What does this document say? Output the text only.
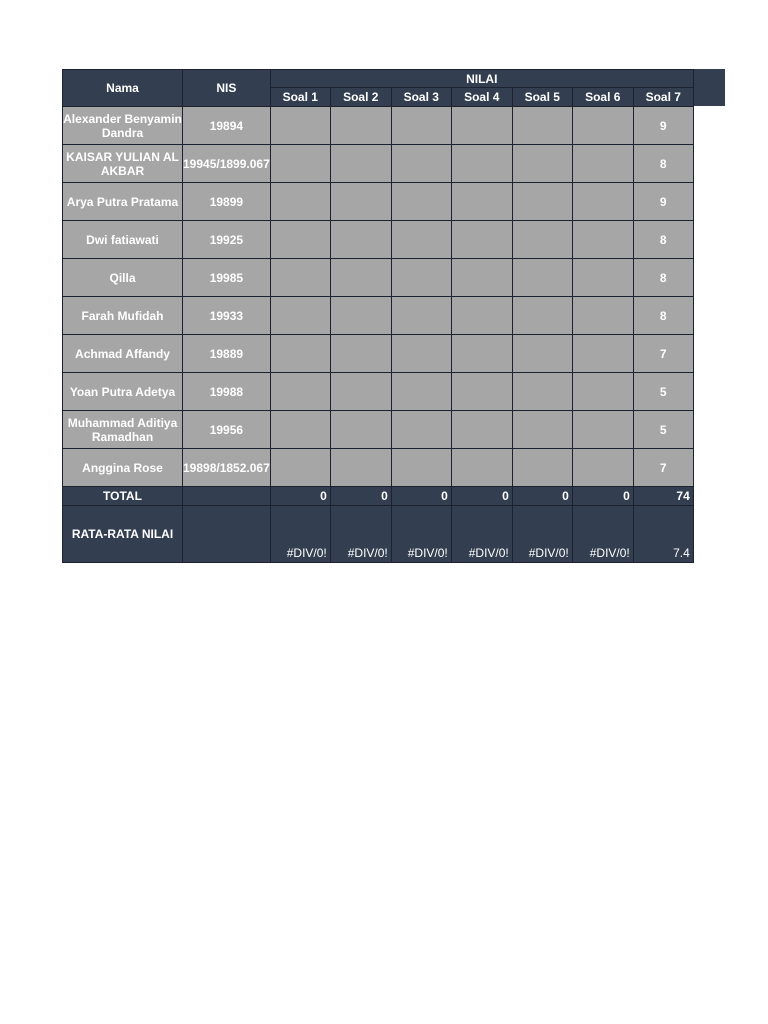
Nama	NIS	NILAI						
		Soal 1	Soal 2	Soal 3	Soal 4	Soal 5	Soal 6	Soal 7
Alexander Benyamin Dandra	19894							9
KAISAR YULIAN AL AKBAR	19945/1899.067							8
Arya Putra Pratama	19899							9
Dwi fatiawati	19925							8
Qilla	19985							8
Farah Mufidah	19933							8
Achmad Affandy	19889							7
Yoan Putra Adetya	19988							5
Muhammad Aditiya Ramadhan	19956							5
Anggina Rose	19898/1852.067							7
TOTAL		0	0	0	0	0	0	74
RATA-RATA NILAI		#DIV/0!	#DIV/0!	#DIV/0!	#DIV/0!	#DIV/0!	#DIV/0!	7.4
